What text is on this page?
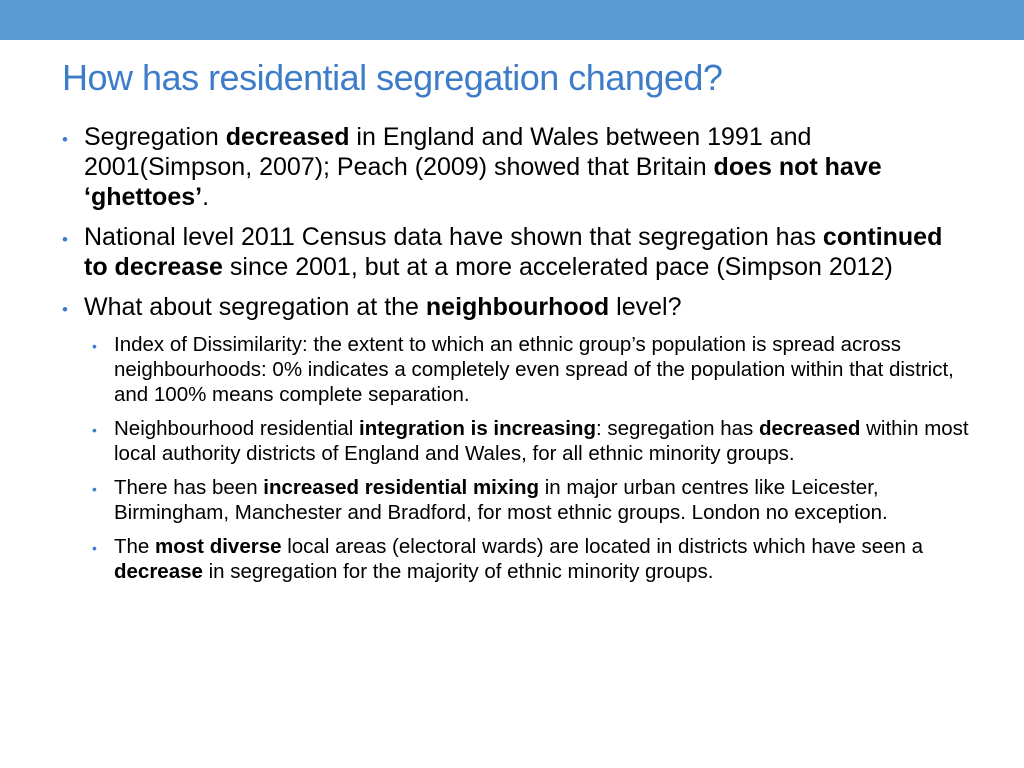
How has residential segregation changed?
• Segregation decreased in England and Wales between 1991 and 2001(Simpson, 2007); Peach (2009) showed that Britain does not have ‘ghettoes’.
• National level 2011 Census data have shown that segregation has continued to decrease since 2001, but at a more accelerated pace (Simpson 2012)
• What about segregation at the neighbourhood level?
• Index of Dissimilarity: the extent to which an ethnic group’s population is spread across neighbourhoods: 0% indicates a completely even spread of the population within that district, and 100% means complete separation.
• Neighbourhood residential integration is increasing: segregation has decreased within most local authority districts of England and Wales, for all ethnic minority groups.
• There has been increased residential mixing in major urban centres like Leicester, Birmingham, Manchester and Bradford, for most ethnic groups. London no exception.
• The most diverse local areas (electoral wards) are located in districts which have seen a decrease in segregation for the majority of ethnic minority groups.
